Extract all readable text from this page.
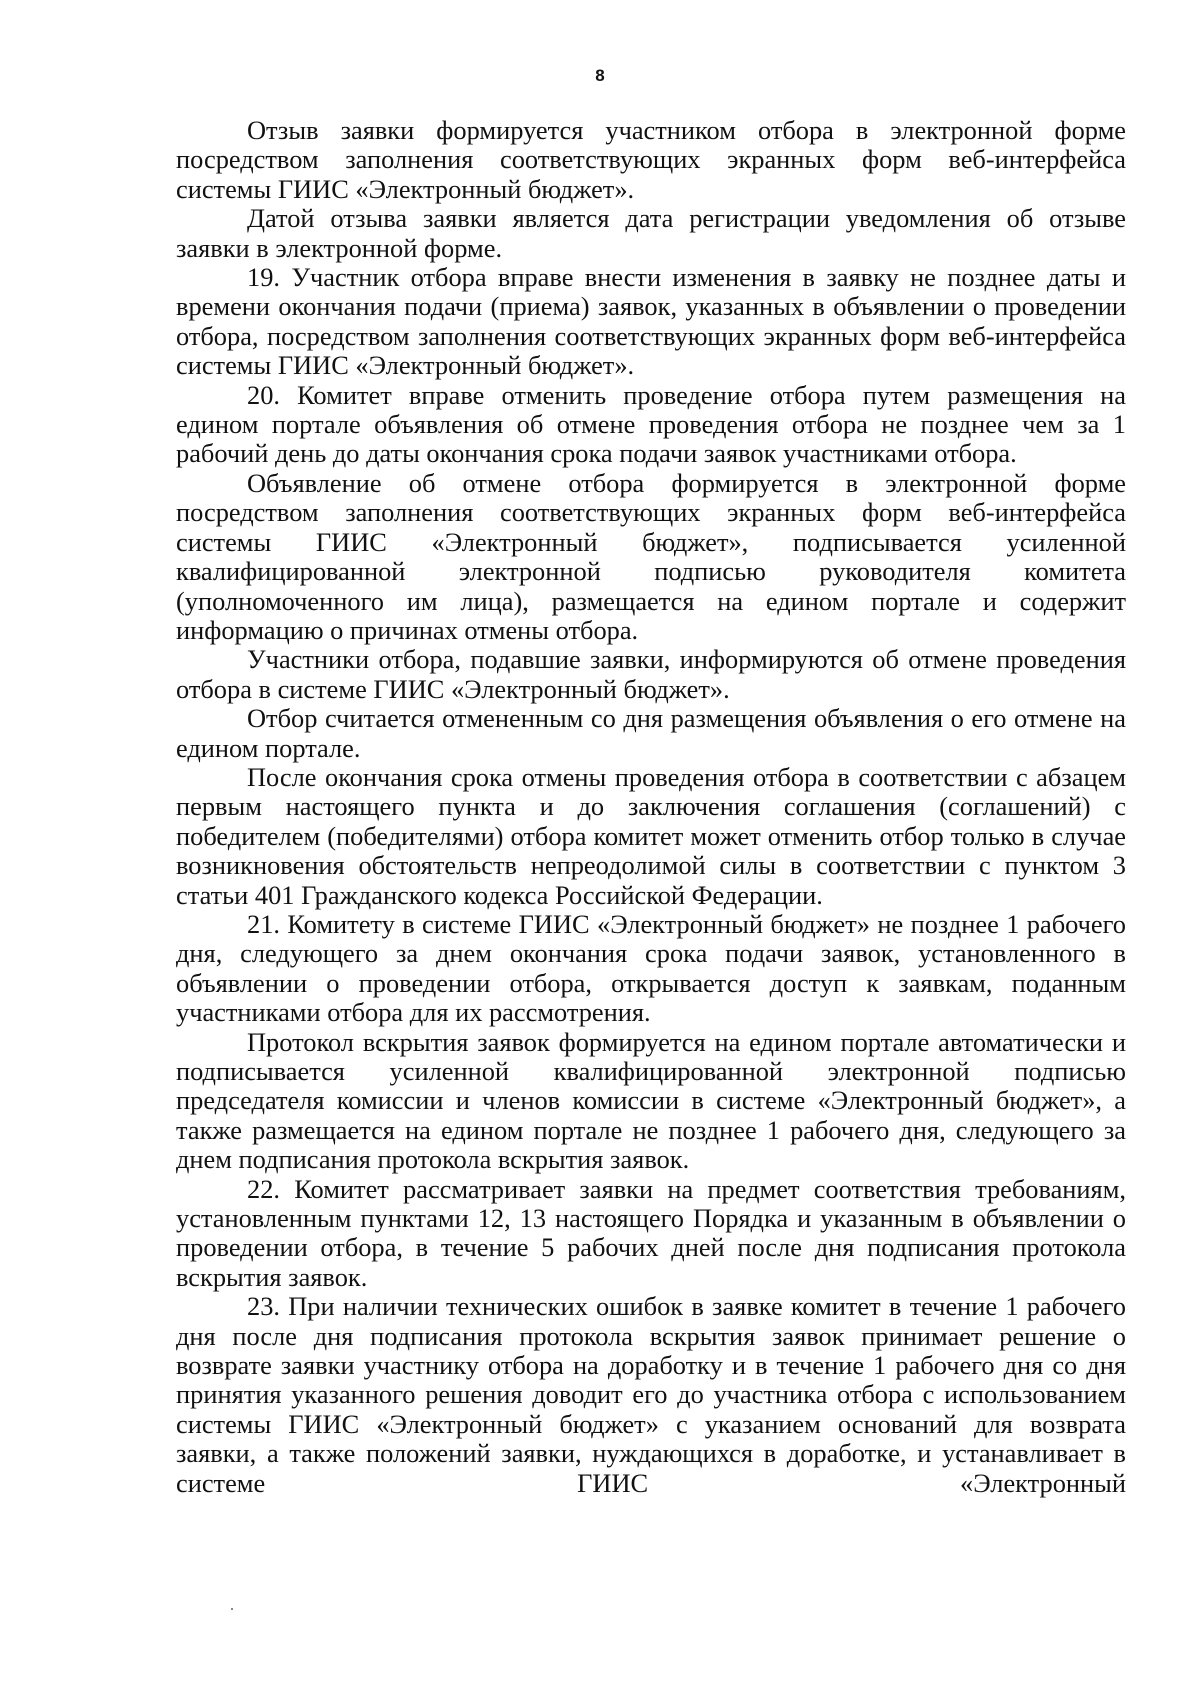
8

Отзыв заявки формируется участником отбора в электронной форме посредством заполнения соответствующих экранных форм веб-интерфейса системы ГИИС «Электронный бюджет».

Датой отзыва заявки является дата регистрации уведомления об отзыве заявки в электронной форме.

19. Участник отбора вправе внести изменения в заявку не позднее даты и времени окончания подачи (приема) заявок, указанных в объявлении о проведении отбора, посредством заполнения соответствующих экранных форм веб-интерфейса системы ГИИС «Электронный бюджет».

20. Комитет вправе отменить проведение отбора путем размещения на едином портале объявления об отмене проведения отбора не позднее чем за 1 рабочий день до даты окончания срока подачи заявок участниками отбора.

Объявление об отмене отбора формируется в электронной форме посредством заполнения соответствующих экранных форм веб-интерфейса системы ГИИС «Электронный бюджет», подписывается усиленной квалифицированной электронной подписью руководителя комитета (уполномоченного им лица), размещается на едином портале и содержит информацию о причинах отмены отбора.

Участники отбора, подавшие заявки, информируются об отмене проведения отбора в системе ГИИС «Электронный бюджет».

Отбор считается отмененным со дня размещения объявления о его отмене на едином портале.

После окончания срока отмены проведения отбора в соответствии с абзацем первым настоящего пункта и до заключения соглашения (соглашений) с победителем (победителями) отбора комитет может отменить отбор только в случае возникновения обстоятельств непреодолимой силы в соответствии с пунктом 3 статьи 401 Гражданского кодекса Российской Федерации.

21. Комитету в системе ГИИС «Электронный бюджет» не позднее 1 рабочего дня, следующего за днем окончания срока подачи заявок, установленного в объявлении о проведении отбора, открывается доступ к заявкам, поданным участниками отбора для их рассмотрения.

Протокол вскрытия заявок формируется на едином портале автоматически и подписывается усиленной квалифицированной электронной подписью председателя комиссии и членов комиссии в системе «Электронный бюджет», а также размещается на едином портале не позднее 1 рабочего дня, следующего за днем подписания протокола вскрытия заявок.

22. Комитет рассматривает заявки на предмет соответствия требованиям, установленным пунктами 12, 13 настоящего Порядка и указанным в объявлении о проведении отбора, в течение 5 рабочих дней после дня подписания протокола вскрытия заявок.

23. При наличии технических ошибок в заявке комитет в течение 1 рабочего дня после дня подписания протокола вскрытия заявок принимает решение о возврате заявки участнику отбора на доработку и в течение 1 рабочего дня со дня принятия указанного решения доводит его до участника отбора с использованием системы ГИИС «Электронный бюджет» с указанием оснований для возврата заявки, а также положений заявки, нуждающихся в доработке, и устанавливает в системе ГИИС «Электронный
